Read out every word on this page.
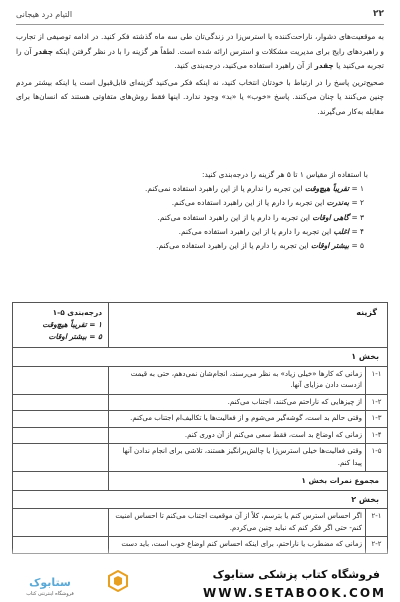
۲۲
التیام درد هیجانی

به موقعیت‌های دشوار، ناراحت‌کننده یا استرس‌زا در زندگی‌تان طی سه ماه گذشته فکر کنید. در ادامه توصیفی از تجارب و راهبردهای رایج برای مدیریت مشکلات و استرس ارائه شده است. لطفاً هر گزینه را با در نظر گرفتن اینکه چقدر آن را تجربه می‌کنید یا چقدر از آن راهبرد استفاده می‌کنید، درجه‌بندی کنید.

صحیح‌ترین پاسخ را در ارتباط با خودتان انتخاب کنید، نه اینکه فکر می‌کنید گزینه‌ای قابل‌قبول است یا اینکه بیشتر مردم چنین می‌کنند یا چنان می‌کنند. پاسخ «خوب» یا «بد» وجود ندارد. اینها فقط روش‌های متفاوتی هستند که انسان‌ها برای مقابله به‌کار می‌گیرند.

با استفاده از مقیاس ۱ تا ۵ هر گزینه را درجه‌بندی کنید:
۱ = تقریباً هیچ‌وقت این تجربه را ندارم یا از این راهبرد استفاده نمی‌کنم.
۲ = به‌ندرت این تجربه را دارم یا از این راهبرد استفاده می‌کنم.
۳ = گاهی اوقات این تجربه را دارم یا از این راهبرد استفاده می‌کنم.
۴ = اغلب این تجربه را دارم یا از این راهبرد استفاده می‌کنم.
۵ = بیشتر اوقات این تجربه را دارم یا از این راهبرد استفاده می‌کنم.
گزینه		درجه‌بندی ۵-۱
۱ = تقریباً هیچ‌وقت
۵ = بیشتر اوقات

بخش ۱		
۱-۱	زمانی که کارها «خیلی زیاد» به نظر می‌رسند، انجام‌شان نمی‌دهم، حتی به قیمت ازدست دادن مزایای آنها.	
۱-۲	از چیزهایی که ناراحتم می‌کنند، اجتناب می‌کنم.	
۱-۳	وقتی حالم بد است، گوشه‌گیر می‌شوم و از فعالیت‌ها یا تکالیف‌ام اجتناب می‌کنم.	
۱-۴	زمانی که اوضاع بد است، فقط سعی می‌کنم از آن دوری کنم.	
۱-۵	وقتی فعالیت‌ها خیلی استرس‌زا یا چالش‌برانگیز هستند، تلاشی برای انجام ندادن آنها پیدا کنم.	
مجموع نمرات بخش ۱		
بخش ۲		
۲-۱	اگر احساس استرس کنم یا بترسم، کلاً از آن موقعیت اجتناب می‌کنم تا احساس امنیت کنم- حتی اگر فکر کنم که نباید چنین می‌کردم.	
۲-۲	زمانی که مضطرب یا ناراحتم، برای اینکه احساس کنم اوضاع خوب است، باید دست	
ستابوک
فروشگاه اینترنتی کتاب
فروشگاه کتاب پزشکی ستابوک
WWW.SETABOOK.COM
